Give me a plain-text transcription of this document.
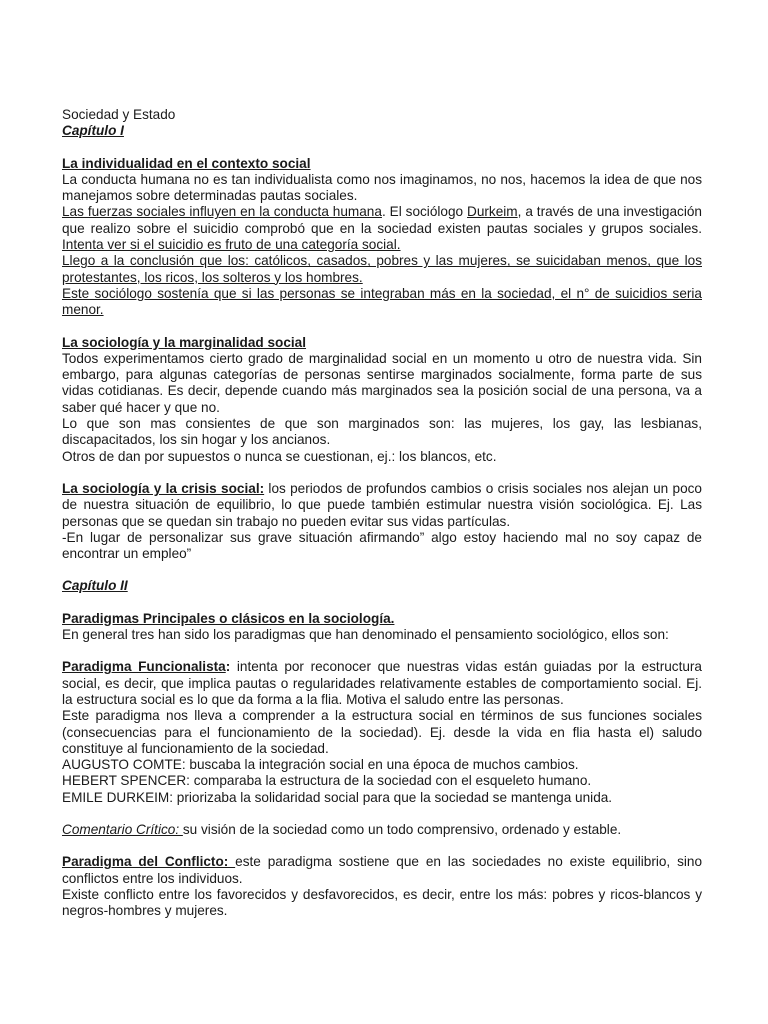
Sociedad y Estado

Capítulo I

La individualidad en el contexto social

La conducta humana no es tan individualista como nos imaginamos, no nos, hacemos la idea de que nos manejamos sobre determinadas pautas sociales.

Las fuerzas sociales influyen en la conducta humana. El sociólogo Durkeim, a través de una investigación que realizo sobre el suicidio comprobó que en la sociedad existen pautas sociales y grupos sociales. Intenta ver si el suicidio es fruto de una categoría social.

Llego a la conclusión que los: católicos, casados, pobres y las mujeres, se suicidaban menos, que los protestantes, los ricos, los solteros y los hombres.

Este sociólogo sostenía que si las personas se integraban más en la sociedad, el n° de suicidios seria menor.

La sociología y la marginalidad social

Todos experimentamos cierto grado de marginalidad social en un momento u otro de nuestra vida. Sin embargo, para algunas categorías de personas sentirse marginados socialmente, forma parte de sus vidas cotidianas. Es decir, depende cuando más marginados sea la posición social de una persona, va a saber qué hacer y que no.

Lo que son mas consientes de que son marginados son: las mujeres, los gay, las lesbianas, discapacitados, los sin hogar y los ancianos.

Otros de dan por supuestos o nunca se cuestionan, ej.: los blancos, etc.

La sociología y la crisis social: los periodos de profundos cambios o crisis sociales nos alejan un poco de nuestra situación de equilibrio, lo que puede también estimular nuestra visión sociológica. Ej. Las personas que se quedan sin trabajo no pueden evitar sus vidas partículas.

-En lugar de personalizar sus grave situación afirmando” algo estoy haciendo mal no soy capaz de encontrar un empleo”

Capítulo II

Paradigmas Principales o clásicos en la sociología.

En general tres han sido los paradigmas que han denominado el pensamiento sociológico, ellos son:

Paradigma Funcionalista: intenta por reconocer que nuestras vidas están guiadas por la estructura social, es decir, que implica pautas o regularidades relativamente estables de comportamiento social. Ej. la estructura social es lo que da forma a la flia. Motiva el saludo entre las personas.

Este paradigma nos lleva a comprender a la estructura social en términos de sus funciones sociales (consecuencias para el funcionamiento de la sociedad). Ej. desde la vida en flia hasta el) saludo constituye al funcionamiento de la sociedad.

AUGUSTO COMTE: buscaba la integración social en una época de muchos cambios.

HEBERT SPENCER: comparaba la estructura de la sociedad con el esqueleto humano.

EMILE DURKEIM: priorizaba la solidaridad social para que la sociedad se mantenga unida.

Comentario Crítico: su visión de la sociedad como un todo comprensivo, ordenado y estable.

Paradigma del Conflicto: este paradigma sostiene que en las sociedades no existe equilibrio, sino conflictos entre los individuos.

Existe conflicto entre los favorecidos y desfavorecidos, es decir, entre los más: pobres y ricos-blancos y negros-hombres y mujeres.
